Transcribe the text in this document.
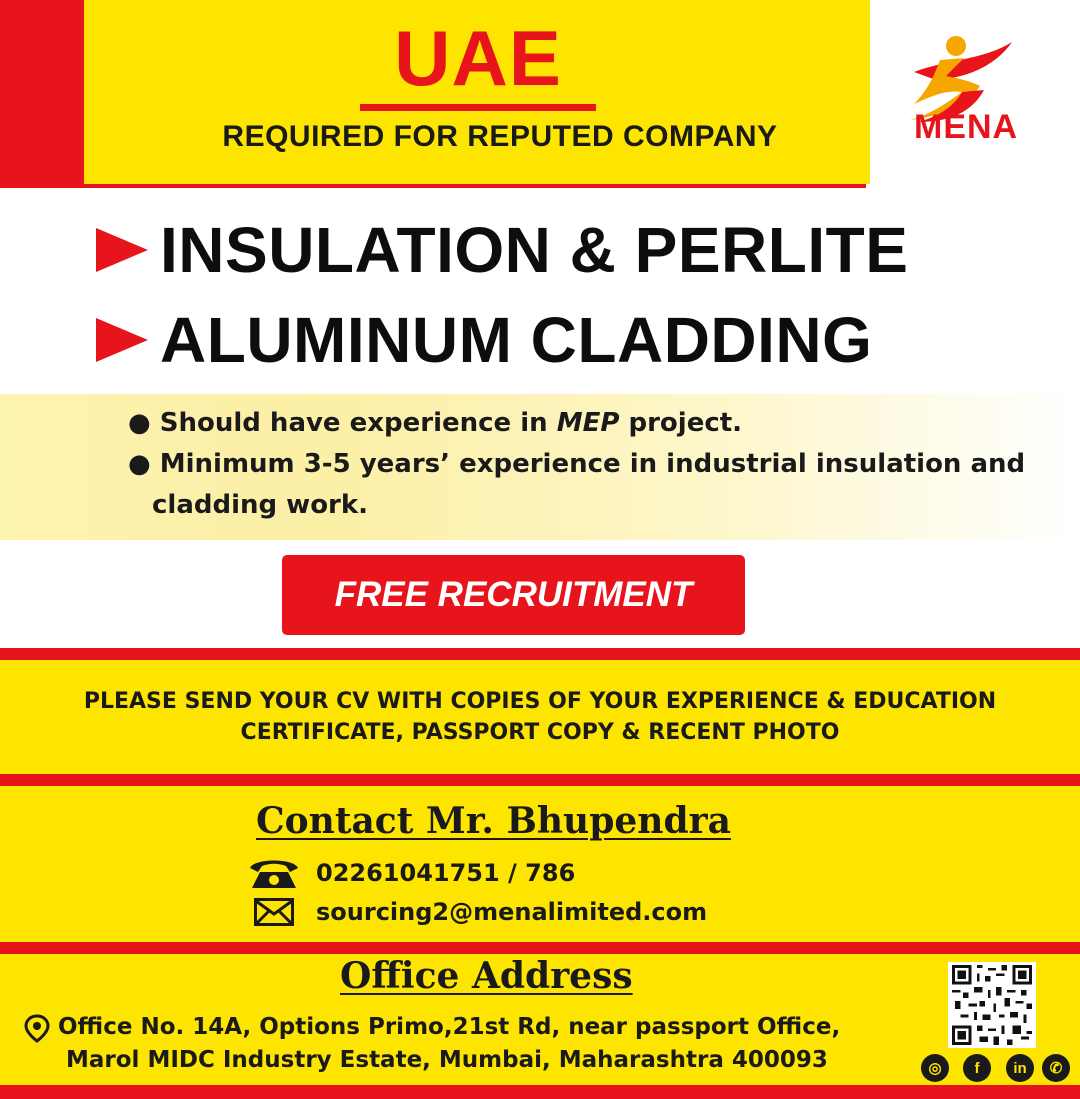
UAE
REQUIRED FOR REPUTED COMPANY	MENA
INSULATION & PERLITE
ALUMINUM CLADDING
● Should have experience in MEP project.
● Minimum 3-5 years’ experience in industrial insulation and
cladding work.
FREE RECRUITMENT
PLEASE SEND YOUR CV WITH COPIES OF YOUR EXPERIENCE & EDUCATION
CERTIFICATE, PASSPORT COPY & RECENT PHOTO
Contact Mr. Bhupendra
02261041751 / 786
sourcing2@menalimited.com
Office Address
Office No. 14A, Options Primo,21st Rd, near passport Office,
Marol MIDC Industry Estate, Mumbai, Maharashtra 400093	◎	f	in	✆
